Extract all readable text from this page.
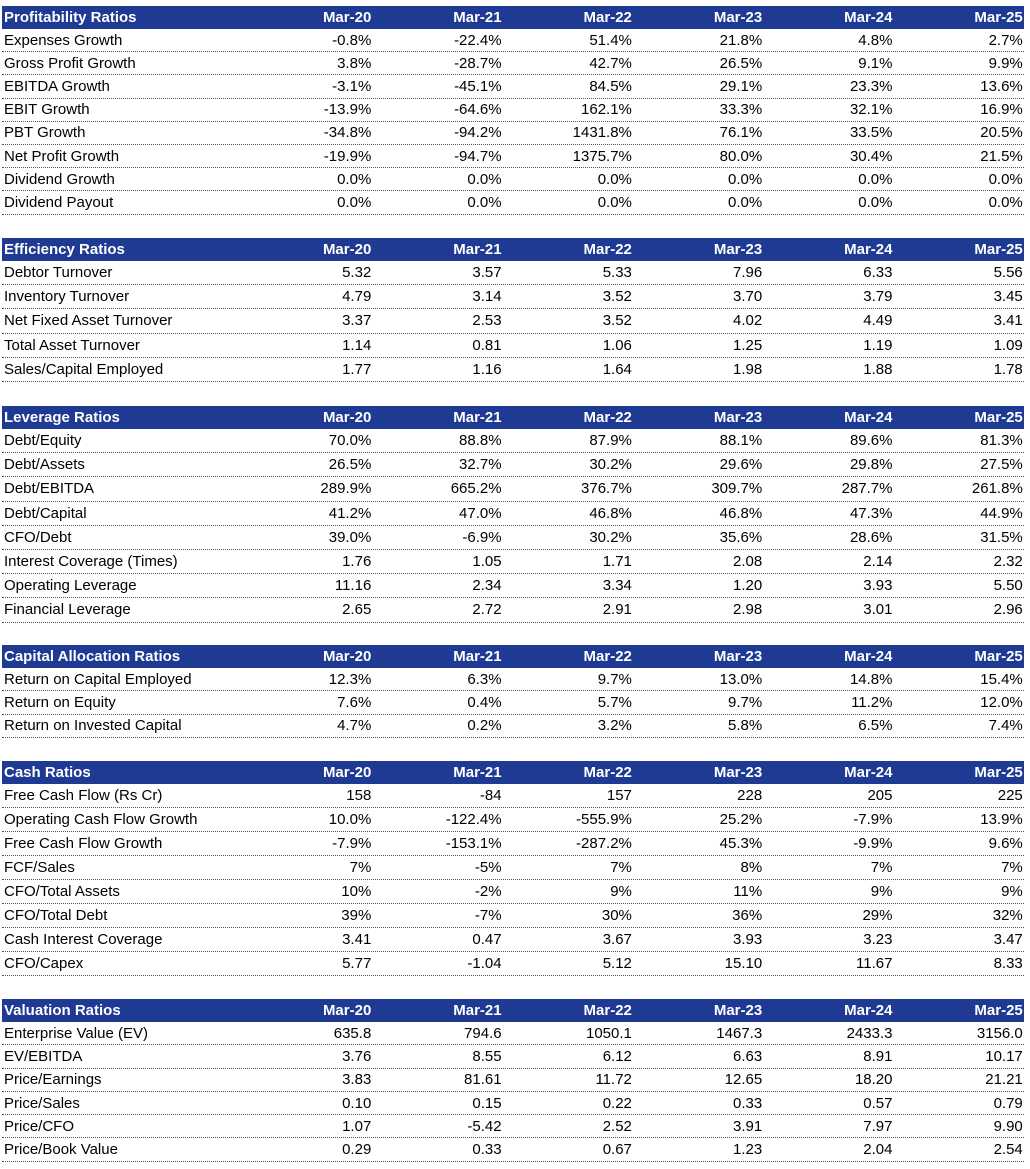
Profitability Ratios	Mar-20	Mar-21	Mar-22	Mar-23	Mar-24	Mar-25
Expenses Growth	-0.8%	-22.4%	51.4%	21.8%	4.8%	2.7%
Gross Profit Growth	3.8%	-28.7%	42.7%	26.5%	9.1%	9.9%
EBITDA Growth	-3.1%	-45.1%	84.5%	29.1%	23.3%	13.6%
EBIT Growth	-13.9%	-64.6%	162.1%	33.3%	32.1%	16.9%
PBT Growth	-34.8%	-94.2%	1431.8%	76.1%	33.5%	20.5%
Net Profit Growth	-19.9%	-94.7%	1375.7%	80.0%	30.4%	21.5%
Dividend Growth	0.0%	0.0%	0.0%	0.0%	0.0%	0.0%
Dividend Payout	0.0%	0.0%	0.0%	0.0%	0.0%	0.0%
Efficiency Ratios	Mar-20	Mar-21	Mar-22	Mar-23	Mar-24	Mar-25
Debtor Turnover	5.32	3.57	5.33	7.96	6.33	5.56
Inventory Turnover	4.79	3.14	3.52	3.70	3.79	3.45
Net Fixed Asset Turnover	3.37	2.53	3.52	4.02	4.49	3.41
Total Asset Turnover	1.14	0.81	1.06	1.25	1.19	1.09
Sales/Capital Employed	1.77	1.16	1.64	1.98	1.88	1.78
Leverage Ratios	Mar-20	Mar-21	Mar-22	Mar-23	Mar-24	Mar-25
Debt/Equity	70.0%	88.8%	87.9%	88.1%	89.6%	81.3%
Debt/Assets	26.5%	32.7%	30.2%	29.6%	29.8%	27.5%
Debt/EBITDA	289.9%	665.2%	376.7%	309.7%	287.7%	261.8%
Debt/Capital	41.2%	47.0%	46.8%	46.8%	47.3%	44.9%
CFO/Debt	39.0%	-6.9%	30.2%	35.6%	28.6%	31.5%
Interest Coverage (Times)	1.76	1.05	1.71	2.08	2.14	2.32
Operating Leverage	11.16	2.34	3.34	1.20	3.93	5.50
Financial Leverage	2.65	2.72	2.91	2.98	3.01	2.96
Capital Allocation Ratios	Mar-20	Mar-21	Mar-22	Mar-23	Mar-24	Mar-25
Return on Capital Employed	12.3%	6.3%	9.7%	13.0%	14.8%	15.4%
Return on Equity	7.6%	0.4%	5.7%	9.7%	11.2%	12.0%
Return on Invested Capital	4.7%	0.2%	3.2%	5.8%	6.5%	7.4%
Cash Ratios	Mar-20	Mar-21	Mar-22	Mar-23	Mar-24	Mar-25
Free Cash Flow (Rs Cr)	158	-84	157	228	205	225
Operating Cash Flow Growth	10.0%	-122.4%	-555.9%	25.2%	-7.9%	13.9%
Free Cash Flow Growth	-7.9%	-153.1%	-287.2%	45.3%	-9.9%	9.6%
FCF/Sales	7%	-5%	7%	8%	7%	7%
CFO/Total Assets	10%	-2%	9%	11%	9%	9%
CFO/Total Debt	39%	-7%	30%	36%	29%	32%
Cash Interest Coverage	3.41	0.47	3.67	3.93	3.23	3.47
CFO/Capex	5.77	-1.04	5.12	15.10	11.67	8.33
Valuation Ratios	Mar-20	Mar-21	Mar-22	Mar-23	Mar-24	Mar-25
Enterprise Value (EV)	635.8	794.6	1050.1	1467.3	2433.3	3156.0
EV/EBITDA	3.76	8.55	6.12	6.63	8.91	10.17
Price/Earnings	3.83	81.61	11.72	12.65	18.20	21.21
Price/Sales	0.10	0.15	0.22	0.33	0.57	0.79
Price/CFO	1.07	-5.42	2.52	3.91	7.97	9.90
Price/Book Value	0.29	0.33	0.67	1.23	2.04	2.54
